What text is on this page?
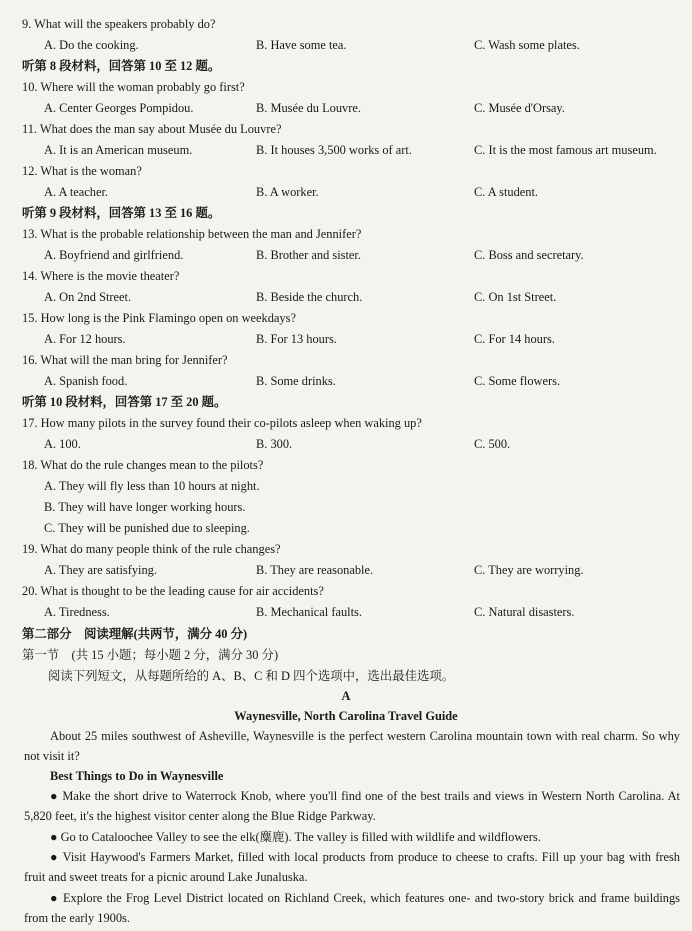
9. What will the speakers probably do?
A. Do the cooking.	B. Have some tea.	C. Wash some plates.
听第 8 段材料，回答第 10 至 12 题。
10. Where will the woman probably go first?
A. Center Georges Pompidou.	B. Musée du Louvre.	C. Musée d'Orsay.
11. What does the man say about Musée du Louvre?
A. It is an American museum.	B. It houses 3,500 works of art.	C. It is the most famous art museum.
12. What is the woman?
A. A teacher.	B. A worker.	C. A student.
听第 9 段材料，回答第 13 至 16 题。
13. What is the probable relationship between the man and Jennifer?
A. Boyfriend and girlfriend.	B. Brother and sister.	C. Boss and secretary.
14. Where is the movie theater?
A. On 2nd Street.	B. Beside the church.	C. On 1st Street.
15. How long is the Pink Flamingo open on weekdays?
A. For 12 hours.	B. For 13 hours.	C. For 14 hours.
16. What will the man bring for Jennifer?
A. Spanish food.	B. Some drinks.	C. Some flowers.
听第 10 段材料，回答第 17 至 20 题。
17. How many pilots in the survey found their co-pilots asleep when waking up?
A. 100.	B. 300.	C. 500.
18. What do the rule changes mean to the pilots?
A. They will fly less than 10 hours at night.
B. They will have longer working hours.
C. They will be punished due to sleeping.
19. What do many people think of the rule changes?
A. They are satisfying.	B. They are reasonable.	C. They are worrying.
20. What is thought to be the leading cause for air accidents?
A. Tiredness.	B. Mechanical faults.	C. Natural disasters.
第二部分　阅读理解(共两节，满分 40 分)
第一节　(共 15 小题；每小题 2 分，满分 30 分)
阅读下列短文，从每题所给的 A、B、C 和 D 四个选项中，选出最佳选项。
A
Waynesville, North Carolina Travel Guide
About 25 miles southwest of Asheville, Waynesville is the perfect western Carolina mountain town with real charm. So why not visit it?
Best Things to Do in Waynesville
● Make the short drive to Waterrock Knob, where you'll find one of the best trails and views in Western North Carolina. At 5,820 feet, it's the highest visitor center along the Blue Ridge Parkway.
● Go to Cataloochee Valley to see the elk(麋鹿). The valley is filled with wildlife and wildflowers.
● Visit Haywood's Farmers Market, filled with local products from produce to cheese to crafts. Fill up your bag with fresh fruit and sweet treats for a picnic around Lake Junaluska.
● Explore the Frog Level District located on Richland Creek, which features one- and two-story brick and frame buildings from the early 1900s.
